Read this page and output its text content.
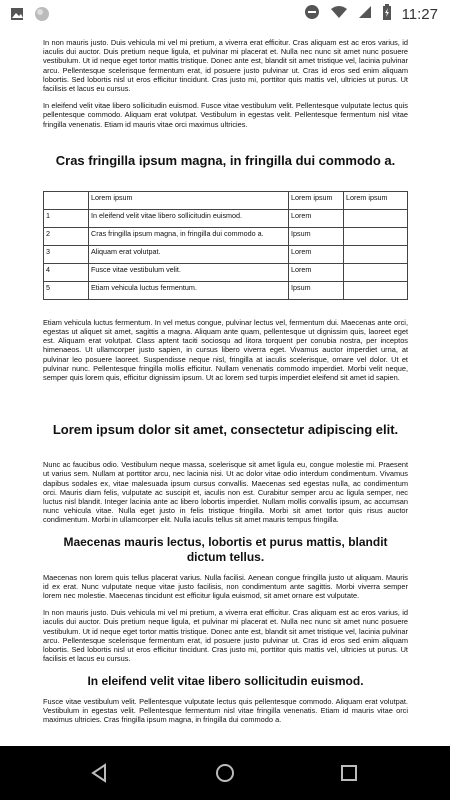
11:27

In non mauris justo. Duis vehicula mi vel mi pretium, a viverra erat efficitur. Cras aliquam est ac eros varius, id iaculis dui auctor. Duis pretium neque ligula, et pulvinar mi placerat et. Nulla nec nunc sit amet nunc posuere vestibulum. Ut id neque eget tortor mattis tristique. Donec ante est, blandit sit amet tristique vel, lacinia pulvinar arcu. Pellentesque scelerisque fermentum erat, id posuere justo pulvinar ut. Cras id eros sed enim aliquam lobortis. Sed lobortis nisl ut eros efficitur tincidunt. Cras justo mi, porttitor quis mattis vel, ultricies ut purus. Ut facilisis et lacus eu cursus.

In eleifend velit vitae libero sollicitudin euismod. Fusce vitae vestibulum velit. Pellentesque vulputate lectus quis pellentesque commodo. Aliquam erat volutpat. Vestibulum in egestas velit. Pellentesque fermentum nisl vitae fringilla venenatis. Etiam id mauris vitae orci maximus ultricies.

Cras fringilla ipsum magna, in fringilla dui commodo a.
	Lorem ipsum	Lorem ipsum	Lorem ipsum
1	In eleifend velit vitae libero sollicitudin euismod.	Lorem	
2	Cras fringilla ipsum magna, in fringilla dui commodo a.	Ipsum	
3	Aliquam erat volutpat.	Lorem	
4	Fusce vitae vestibulum velit.	Lorem	
5	Etiam vehicula luctus fermentum.	Ipsum	

Etiam vehicula luctus fermentum. In vel metus congue, pulvinar lectus vel, fermentum dui. Maecenas ante orci, egestas ut aliquet sit amet, sagittis a magna. Aliquam ante quam, pellentesque ut dignissim quis, laoreet eget est. Aliquam erat volutpat. Class aptent taciti sociosqu ad litora torquent per conubia nostra, per inceptos himenaeos. Ut ullamcorper justo sapien, in cursus libero viverra eget. Vivamus auctor imperdiet urna, at pulvinar leo posuere laoreet. Suspendisse neque nisl, fringilla at iaculis scelerisque, ornare vel dolor. Ut et pulvinar nunc. Pellentesque fringilla mollis efficitur. Nullam venenatis commodo imperdiet. Morbi velit neque, semper quis lorem quis, efficitur dignissim ipsum. Ut ac lorem sed turpis imperdiet eleifend sit amet id sapien.

Lorem ipsum dolor sit amet, consectetur adipiscing elit.

Nunc ac faucibus odio. Vestibulum neque massa, scelerisque sit amet ligula eu, congue molestie mi. Praesent ut varius sem. Nullam at porttitor arcu, nec lacinia nisi. Ut ac dolor vitae odio interdum condimentum. Vivamus dapibus sodales ex, vitae malesuada ipsum cursus convallis. Maecenas sed egestas nulla, ac condimentum orci. Mauris diam felis, vulputate ac suscipit et, iaculis non est. Curabitur semper arcu ac ligula semper, nec luctus nisl blandit. Integer lacinia ante ac libero lobortis imperdiet. Nullam mollis convallis ipsum, ac accumsan nunc vehicula vitae. Nulla eget justo in felis tristique fringilla. Morbi sit amet tortor quis risus auctor condimentum. Morbi in ullamcorper elit. Nulla iaculis tellus sit amet mauris tempus fringilla.

Maecenas mauris lectus, lobortis et purus mattis, blandit dictum tellus.

Maecenas non lorem quis tellus placerat varius. Nulla facilisi. Aenean congue fringilla justo ut aliquam. Mauris id ex erat. Nunc vulputate neque vitae justo facilisis, non condimentum ante sagittis. Morbi viverra semper lorem nec molestie. Maecenas tincidunt est efficitur ligula euismod, sit amet ornare est vulputate.

In non mauris justo. Duis vehicula mi vel mi pretium, a viverra erat efficitur. Cras aliquam est ac eros varius, id iaculis dui auctor. Duis pretium neque ligula, et pulvinar mi placerat et. Nulla nec nunc sit amet nunc posuere vestibulum. Ut id neque eget tortor mattis tristique. Donec ante est, blandit sit amet tristique vel, lacinia pulvinar arcu. Pellentesque scelerisque fermentum erat, id posuere justo pulvinar ut. Cras id eros sed enim aliquam lobortis. Sed lobortis nisl ut eros efficitur tincidunt. Cras justo mi, porttitor quis mattis vel, ultricies ut purus. Ut facilisis et lacus eu cursus.

In eleifend velit vitae libero sollicitudin euismod.

Fusce vitae vestibulum velit. Pellentesque vulputate lectus quis pellentesque commodo. Aliquam erat volutpat. Vestibulum in egestas velit. Pellentesque fermentum nisl vitae fringilla venenatis. Etiam id mauris vitae orci maximus ultricies. Cras fringilla ipsum magna, in fringilla dui commodo a.
